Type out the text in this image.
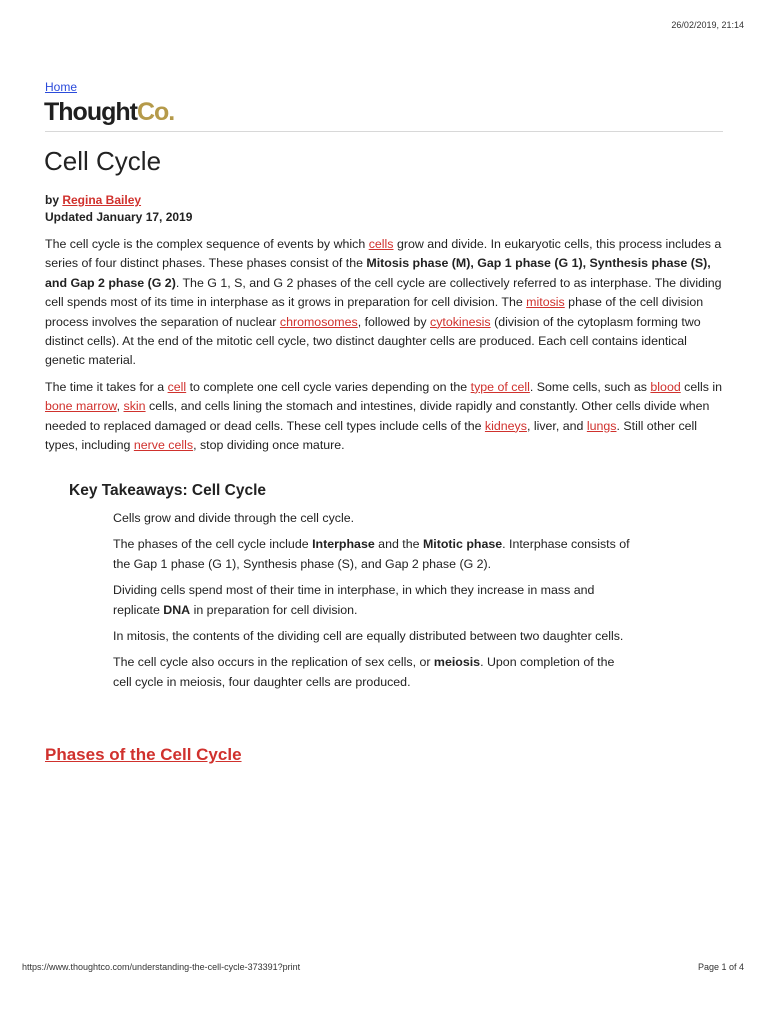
26/02/2019, 21:14
Home
ThoughtCo.
Cell Cycle
by Regina Bailey
Updated January 17, 2019

The cell cycle is the complex sequence of events by which cells grow and divide. In eukaryotic cells, this process includes a series of four distinct phases. These phases consist of the Mitosis phase (M), Gap 1 phase (G 1), Synthesis phase (S), and Gap 2 phase (G 2). The G 1, S, and G 2 phases of the cell cycle are collectively referred to as interphase. The dividing cell spends most of its time in interphase as it grows in preparation for cell division. The mitosis phase of the cell division process involves the separation of nuclear chromosomes, followed by cytokinesis (division of the cytoplasm forming two distinct cells). At the end of the mitotic cell cycle, two distinct daughter cells are produced. Each cell contains identical genetic material.

The time it takes for a cell to complete one cell cycle varies depending on the type of cell. Some cells, such as blood cells in bone marrow, skin cells, and cells lining the stomach and intestines, divide rapidly and constantly. Other cells divide when needed to replaced damaged or dead cells. These cell types include cells of the kidneys, liver, and lungs. Still other cell types, including nerve cells, stop dividing once mature.

Key Takeaways: Cell Cycle
Cells grow and divide through the cell cycle.
The phases of the cell cycle include Interphase and the Mitotic phase. Interphase consists of the Gap 1 phase (G 1), Synthesis phase (S), and Gap 2 phase (G 2).
Dividing cells spend most of their time in interphase, in which they increase in mass and replicate DNA in preparation for cell division.
In mitosis, the contents of the dividing cell are equally distributed between two daughter cells.
The cell cycle also occurs in the replication of sex cells, or meiosis. Upon completion of the cell cycle in meiosis, four daughter cells are produced.
Phases of the Cell Cycle
https://www.thoughtco.com/understanding-the-cell-cycle-373391?print	Page 1 of 4
